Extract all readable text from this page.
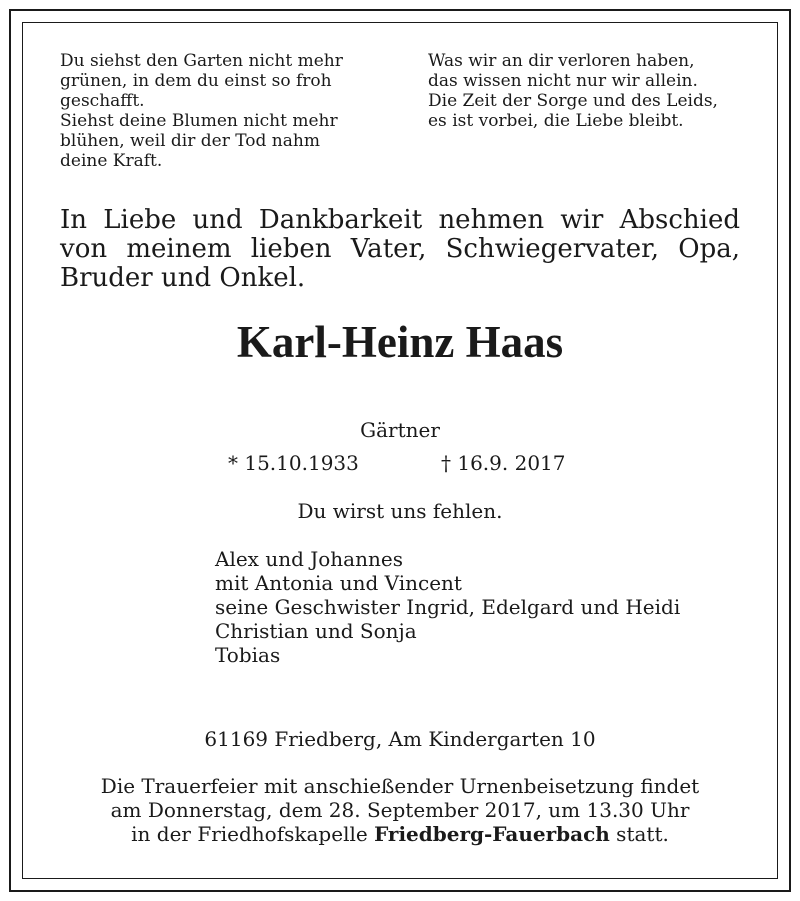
Du siehst den Garten nicht mehr
grünen, in dem du einst so froh
geschafft.
Siehst deine Blumen nicht mehr
blühen, weil dir der Tod nahm
deine Kraft.
Was wir an dir verloren haben,
das wissen nicht nur wir allein.
Die Zeit der Sorge und des Leids,
es ist vorbei, die Liebe bleibt.
In Liebe und Dankbarkeit nehmen wir Abschied
von meinem lieben Vater, Schwiegervater, Opa,
Bruder und Onkel.
Karl-Heinz Haas
Gärtner
* 15.10.1933	† 16.9. 2017
Du wirst uns fehlen.
Alex und Johannes
mit Antonia und Vincent
seine Geschwister Ingrid, Edelgard und Heidi
Christian und Sonja
Tobias
61169 Friedberg, Am Kindergarten 10
Die Trauerfeier mit anschießender Urnenbeisetzung findet
am Donnerstag, dem 28. September 2017, um 13.30 Uhr
in der Friedhofskapelle Friedberg-Fauerbach statt.
